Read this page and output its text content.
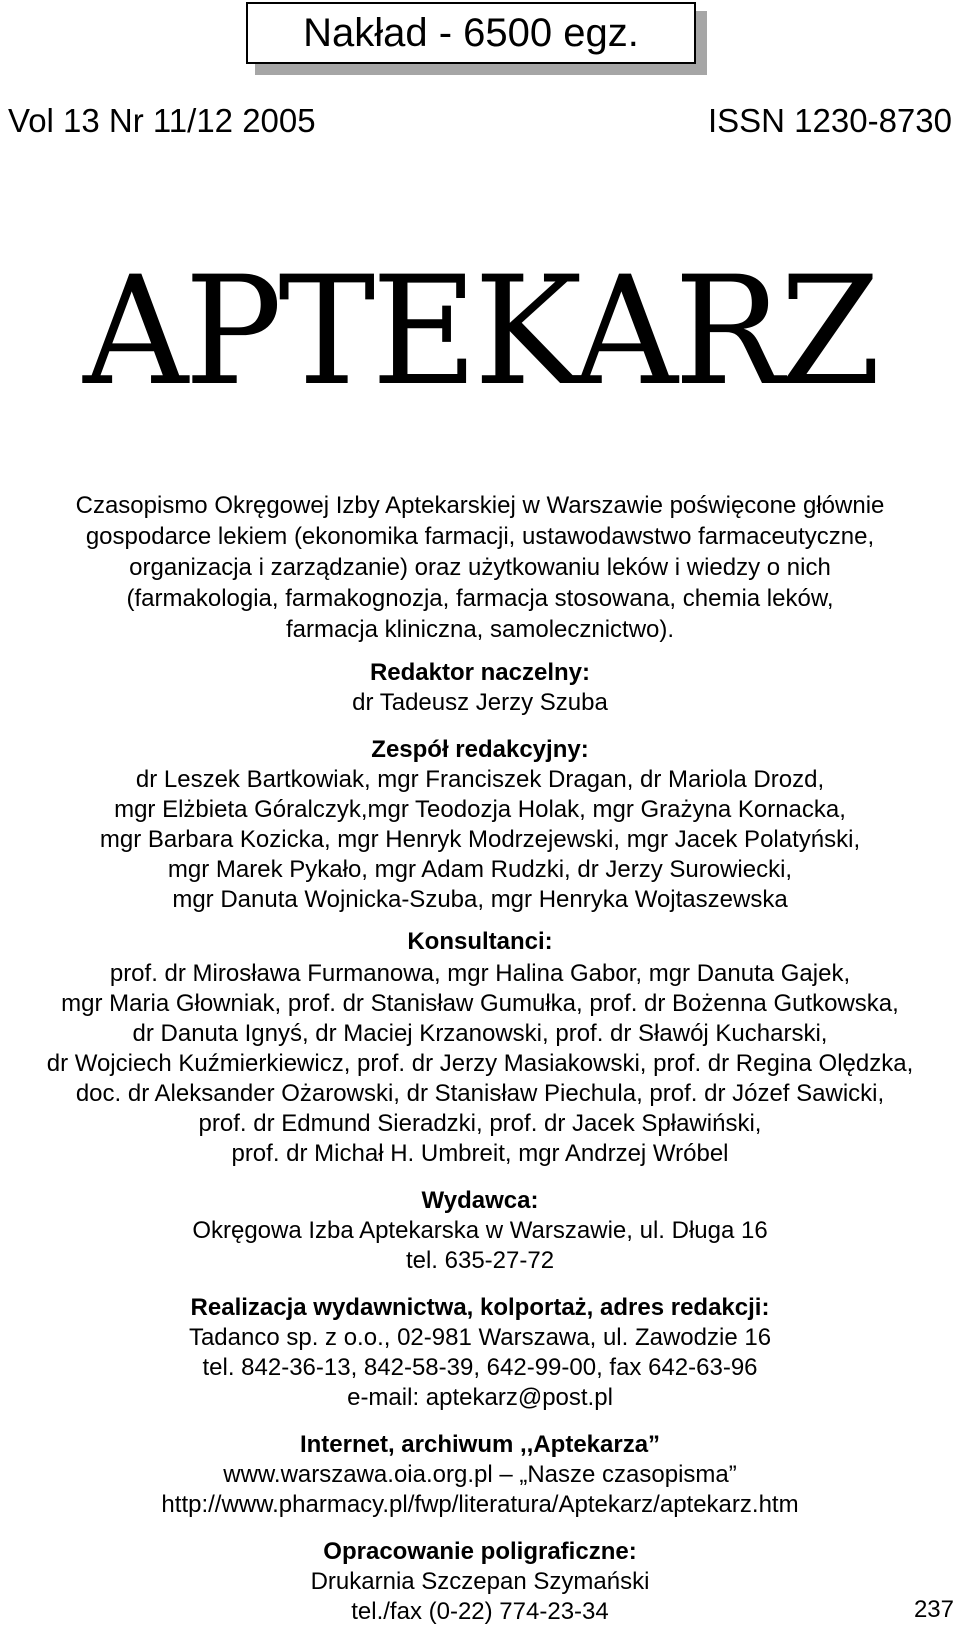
Nakład - 6500 egz.
Vol 13 Nr 11/12 2005	ISSN 1230-8730
APTEKARZ

Czasopismo Okręgowej Izby Aptekarskiej w Warszawie poświęcone głównie
gospodarce lekiem (ekonomika farmacji, ustawodawstwo farmaceutyczne,
organizacja i zarządzanie) oraz użytkowaniu leków i wiedzy o nich
(farmakologia, farmakognozja, farmacja stosowana, chemia leków,
farmacja kliniczna, samolecznictwo).

Redaktor naczelny:
dr Tadeusz Jerzy Szuba
Zespół redakcyjny:
dr Leszek Bartkowiak, mgr Franciszek Dragan, dr Mariola Drozd,
mgr Elżbieta Góralczyk,mgr Teodozja Holak, mgr Grażyna Kornacka,
mgr Barbara Kozicka, mgr Henryk Modrzejewski, mgr Jacek Polatyński,
mgr Marek Pykało, mgr Adam Rudzki, dr Jerzy Surowiecki,
mgr Danuta Wojnicka-Szuba, mgr Henryka Wojtaszewska
Konsultanci:
prof. dr Mirosława Furmanowa, mgr Halina Gabor, mgr Danuta Gajek,
mgr Maria Głowniak, prof. dr Stanisław Gumułka, prof. dr Bożenna Gutkowska,
dr Danuta Ignyś, dr Maciej Krzanowski, prof. dr Sławój Kucharski,
dr Wojciech Kuźmierkiewicz, prof. dr Jerzy Masiakowski, prof. dr Regina Olędzka,
doc. dr Aleksander Ożarowski, dr Stanisław Piechula, prof. dr Józef Sawicki,
prof. dr Edmund Sieradzki, prof. dr Jacek Spławiński,
prof. dr Michał H. Umbreit, mgr Andrzej Wróbel
Wydawca:
Okręgowa Izba Aptekarska w Warszawie, ul. Długa 16
tel. 635-27-72
Realizacja wydawnictwa, kolportaż, adres redakcji:
Tadanco sp. z o.o., 02-981 Warszawa, ul. Zawodzie 16
tel. 842-36-13, 842-58-39, 642-99-00, fax 642-63-96
e-mail: aptekarz@post.pl
Internet, archiwum ,,Aptekarza”
www.warszawa.oia.org.pl – „Nasze czasopisma”
http://www.pharmacy.pl/fwp/literatura/Aptekarz/aptekarz.htm
Opracowanie poligraficzne:
Drukarnia Szczepan Szymański
tel./fax (0-22) 774-23-34	237
